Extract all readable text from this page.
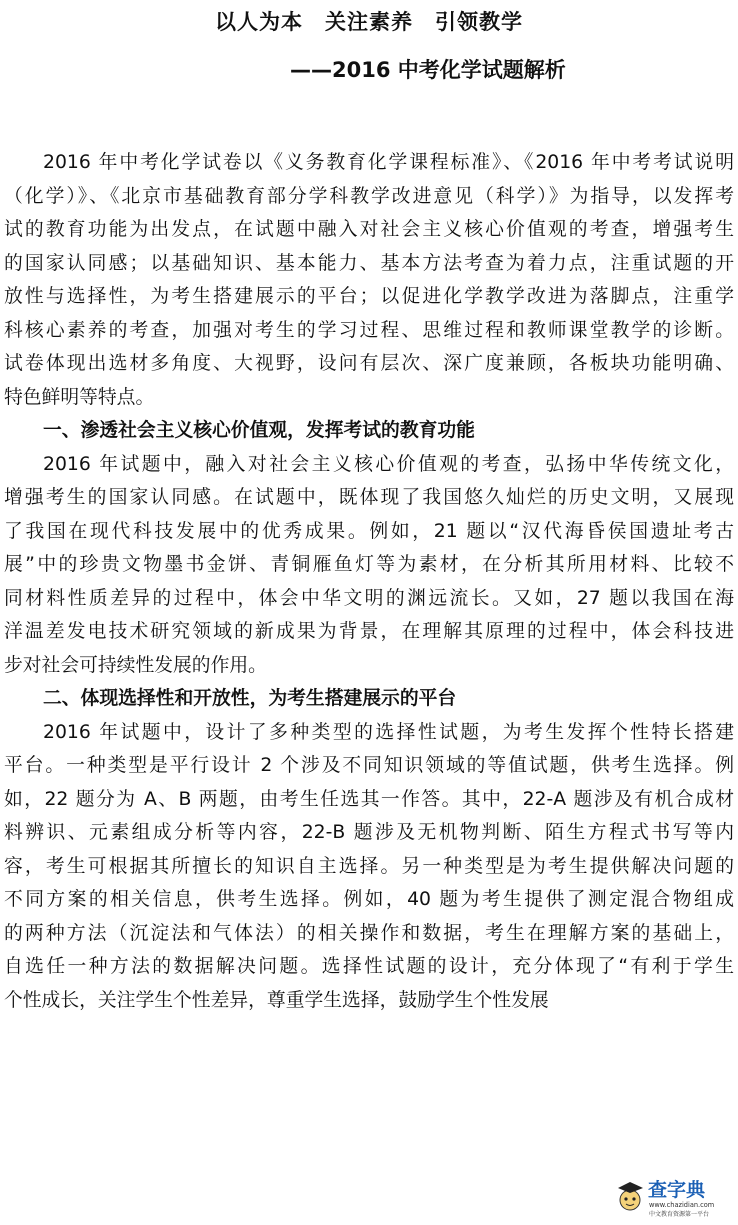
以人为本　关注素养　引领教学
——2016 中考化学试题解析
2016 年中考化学试卷以《义务教育化学课程标准》、《2016 年中考考试说明
（化学）》、《北京市基础教育部分学科教学改进意见（科学）》为指导，以发挥考
试的教育功能为出发点，在试题中融入对社会主义核心价值观的考查，增强考生
的国家认同感；以基础知识、基本能力、基本方法考查为着力点，注重试题的开
放性与选择性，为考生搭建展示的平台；以促进化学教学改进为落脚点，注重学
科核心素养的考查，加强对考生的学习过程、思维过程和教师课堂教学的诊断。
试卷体现出选材多角度、大视野，设问有层次、深广度兼顾，各板块功能明确、
特色鲜明等特点。
一、渗透社会主义核心价值观，发挥考试的教育功能
2016 年试题中，融入对社会主义核心价值观的考查，弘扬中华传统文化，
增强考生的国家认同感。在试题中，既体现了我国悠久灿烂的历史文明，又展现
了我国在现代科技发展中的优秀成果。例如，21 题以“汉代海昏侯国遗址考古
展”中的珍贵文物墨书金饼、青铜雁鱼灯等为素材，在分析其所用材料、比较不
同材料性质差异的过程中，体会中华文明的渊远流长。又如，27 题以我国在海
洋温差发电技术研究领域的新成果为背景，在理解其原理的过程中，体会科技进
步对社会可持续性发展的作用。
二、体现选择性和开放性，为考生搭建展示的平台
2016 年试题中，设计了多种类型的选择性试题，为考生发挥个性特长搭建
平台。一种类型是平行设计 2 个涉及不同知识领域的等值试题，供考生选择。例
如，22 题分为 A、B 两题，由考生任选其一作答。其中，22-A 题涉及有机合成材
料辨识、元素组成分析等内容，22-B 题涉及无机物判断、陌生方程式书写等内
容，考生可根据其所擅长的知识自主选择。另一种类型是为考生提供解决问题的
不同方案的相关信息，供考生选择。例如，40 题为考生提供了测定混合物组成
的两种方法（沉淀法和气体法）的相关操作和数据，考生在理解方案的基础上，
自选任一种方法的数据解决问题。选择性试题的设计，充分体现了“有利于学生
个性成长，关注学生个性差异，尊重学生选择，鼓励学生个性发展
查字典
www.chazidian.com
中文教育资源第一平台
